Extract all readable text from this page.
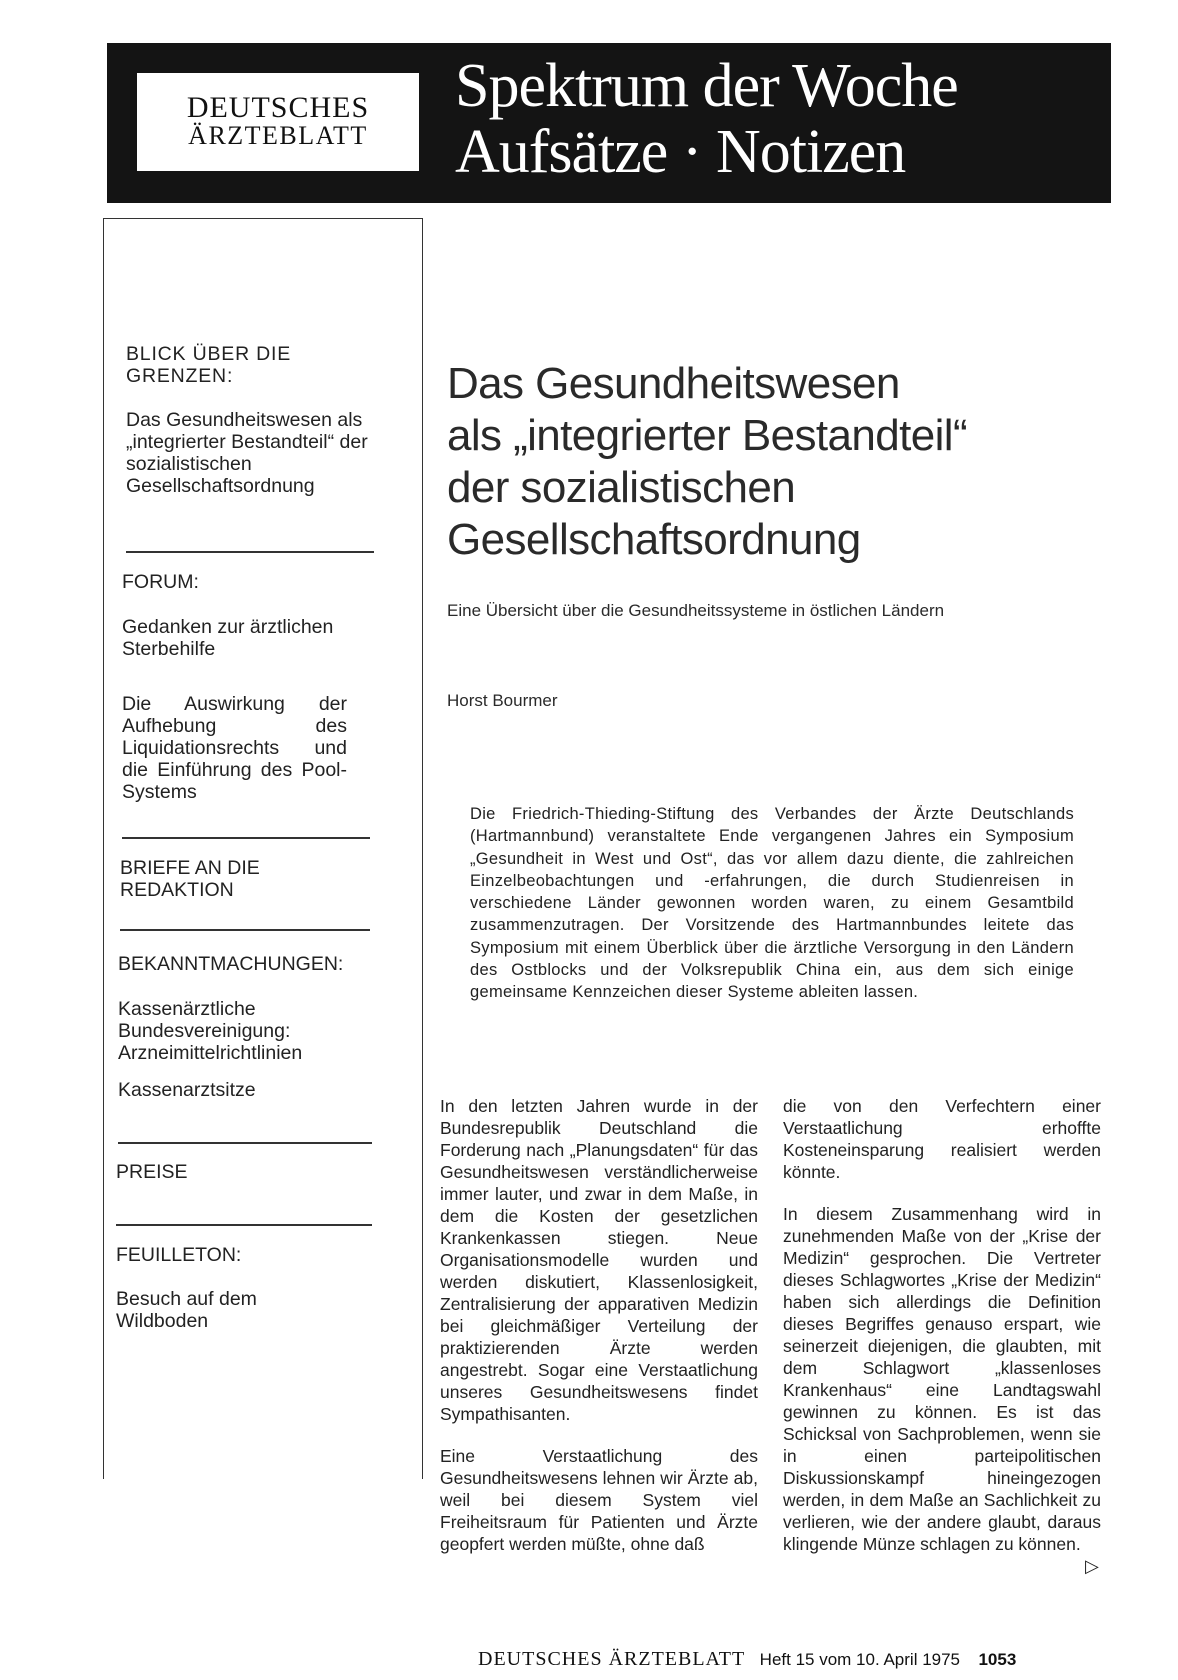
DEUTSCHES
ÄRZTEBLATT
Spektrum der Woche
Aufsätze · Notizen
BLICK ÜBER DIE GRENZEN:
Das Gesundheitswesen als „integrierter Bestandteil“ der sozialistischen Gesellschaftsordnung
FORUM:
Gedanken zur ärztlichen Sterbehilfe
Die Auswirkung der Aufhebung des Liquidationsrechts und die Einführung des Pool-Systems
BRIEFE AN DIE REDAKTION
BEKANNTMACHUNGEN:
Kassenärztliche Bundesvereinigung: Arzneimittelrichtlinien
Kassenarztsitze
PREISE
FEUILLETON:
Besuch auf dem Wildboden
Das Gesundheitswesen
als „integrierter Bestandteil“
der sozialistischen
Gesellschaftsordnung
Eine Übersicht über die Gesundheitssysteme in östlichen Ländern
Horst Bourmer
Die Friedrich-Thieding-Stiftung des Verbandes der Ärzte Deutschlands (Hartmannbund) veranstaltete Ende vergangenen Jahres ein Symposium „Gesundheit in West und Ost“, das vor allem dazu diente, die zahlreichen Einzelbeobachtungen und -erfahrungen, die durch Studienreisen in verschiedene Länder gewonnen worden waren, zu einem Gesamtbild zusammenzutragen. Der Vorsitzende des Hartmannbundes leitete das Symposium mit einem Überblick über die ärztliche Versorgung in den Ländern des Ostblocks und der Volksrepublik China ein, aus dem sich einige gemeinsame Kennzeichen dieser Systeme ableiten lassen.

In den letzten Jahren wurde in der Bundesrepublik Deutschland die Forderung nach „Planungsdaten“ für das Gesundheitswesen verständlicherweise immer lauter, und zwar in dem Maße, in dem die Kosten der gesetzlichen Krankenkassen stiegen. Neue Organisationsmodelle wurden und werden diskutiert, Klassenlosigkeit, Zentralisierung der apparativen Medizin bei gleichmäßiger Verteilung der praktizierenden Ärzte werden angestrebt. Sogar eine Verstaatlichung unseres Gesundheitswesens findet Sympathisanten.

Eine Verstaatlichung des Gesundheitswesens lehnen wir Ärzte ab, weil bei diesem System viel Freiheitsraum für Patienten und Ärzte geopfert werden müßte, ohne daß

die von den Verfechtern einer Verstaatlichung erhoffte Kosteneinsparung realisiert werden könnte.

In diesem Zusammenhang wird in zunehmenden Maße von der „Krise der Medizin“ gesprochen. Die Vertreter dieses Schlagwortes „Krise der Medizin“ haben sich allerdings die Definition dieses Begriffes genauso erspart, wie seinerzeit diejenigen, die glaubten, mit dem Schlagwort „klassenloses Krankenhaus“ eine Landtagswahl gewinnen zu können. Es ist das Schicksal von Sachproblemen, wenn sie in einen parteipolitischen Diskussionskampf hineingezogen werden, in dem Maße an Sachlichkeit zu verlieren, wie der andere glaubt, daraus klingende Münze schlagen zu können.

▷
DEUTSCHES ÄRZTEBLATT Heft 15 vom 10. April 1975 1053
